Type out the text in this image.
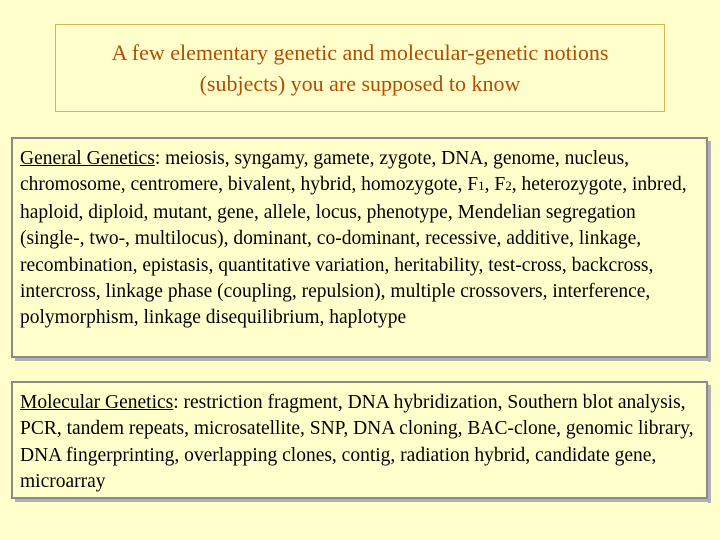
A few elementary genetic and molecular-genetic notions
(subjects) you are supposed to know
General Genetics: meiosis, syngamy, gamete, zygote, DNA, genome, nucleus, chromosome, centromere, bivalent, hybrid, homozygote, F1, F2, heterozygote, inbred, haploid, diploid, mutant, gene, allele, locus, phenotype, Mendelian segregation (single-, two-, multilocus), dominant, co-dominant, recessive, additive, linkage, recombination, epistasis, quantitative variation, heritability, test-cross, backcross, intercross, linkage phase (coupling, repulsion), multiple crossovers, interference, polymorphism, linkage disequilibrium, haplotype
Molecular Genetics: restriction fragment, DNA hybridization, Southern blot analysis, PCR, tandem repeats, microsatellite, SNP, DNA cloning, BAC-clone, genomic library, DNA fingerprinting, overlapping clones, contig, radiation hybrid, candidate gene, microarray
